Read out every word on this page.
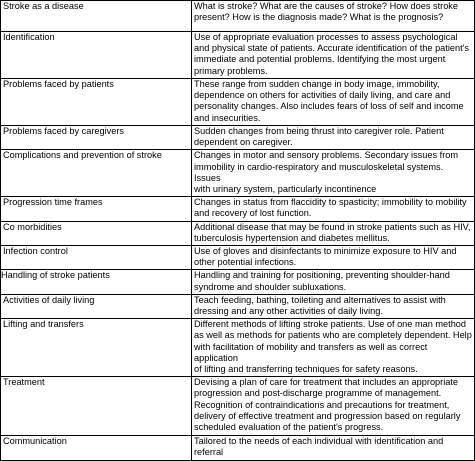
Stroke as a disease	What is stroke? What are the causes of stroke? How does stroke
present? How is the diagnosis made? What is the prognosis?
Identification	Use of appropriate evaluation processes to assess psychological
and physical state of patients. Accurate identification of the patient's
immediate and potential problems. Identifying the most urgent
primary problems.
Problems faced by patients	These range from sudden change in body image, immobility,
dependence on others for activities of daily living, and care and
personality changes. Also includes fears of loss of self and income
and insecurities.
Problems faced by caregivers	Sudden changes from being thrust into caregiver role. Patient
dependent on caregiver.
Complications and prevention of stroke	Changes in motor and sensory problems. Secondary issues from
immobility in cardio-respiratory and musculoskeletal systems. Issues
with urinary system, particularly incontinence
Progression time frames	Changes in status from flaccidity to spasticity; immobility to mobility
and recovery of lost function.
Co morbidities	Additional disease that may be found in stroke patients such as HIV,
tuberculosis hypertension and diabetes mellitus.
Infection control	Use of gloves and disinfectants to minimize exposure to HIV and
other potential infections.
Handling of stroke patients	Handling and training for positioning, preventing shoulder-hand
syndrome and shoulder subluxations.
Activities of daily living	Teach feeding, bathing, toileting and alternatives to assist with
dressing and any other activities of daily living.
Lifting and transfers	Different methods of lifting stroke patients. Use of one man method
as well as methods for patients who are completely dependent. Help
with facilitation of mobility and transfers as well as correct application
of lifting and transferring techniques for safety reasons.
Treatment	Devising a plan of care for treatment that includes an appropriate
progression and post-discharge programme of management.
Recognition of contraindications and precautions for treatment,
delivery of effective treatment and progression based on regularly
scheduled evaluation of the patient's progress.
Communication	Tailored to the needs of each individual with identification and referral
